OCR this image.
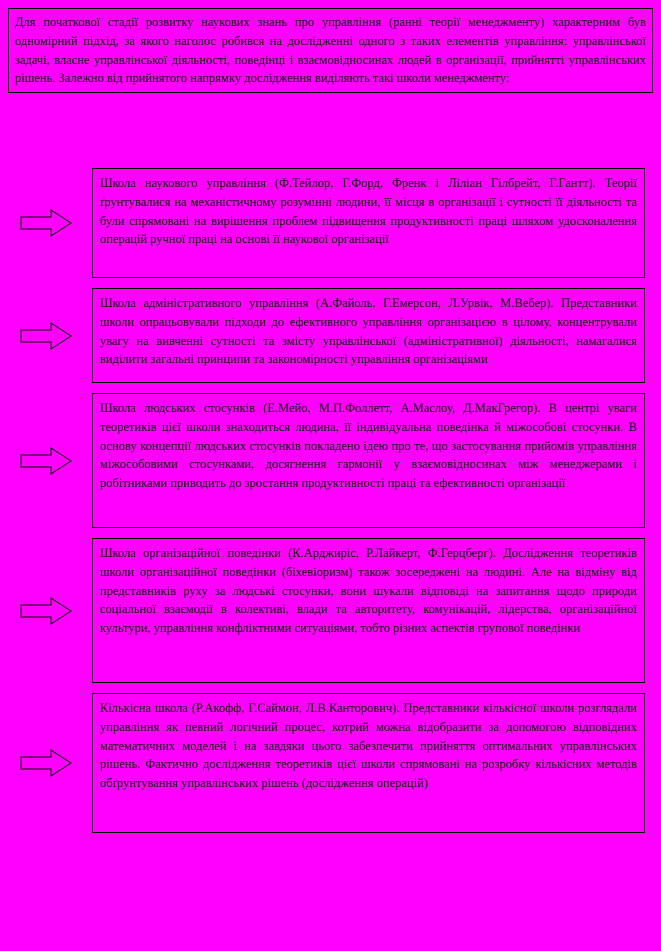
Для початкової стадії розвитку наукових знань про управління (ранні теорії менеджменту) характерним був одномірний підхід, за якого наголос робився на дослідженні одного з таких елементів управління: управлінської задачі, власне управлінської діяльності, поведінці і взаємовідносинах людей в організації, прийнятті управлінських рішень. Залежно від прийнятого напрямку дослідження виділяють такі школи менеджменту:

Школа наукового управління (Ф.Тейлор, Г.Форд, Френк і Ліліан Гілбрейт, Г.Гантт). Теорії ґрунтувалися на механістичному розумінні людини, її місця в організації і сутності її діяльності та були спрямовані на вирішення проблем підвищення продуктивності праці шляхом удосконалення операцій ручної праці на основі її наукової організації

Школа адміністративного управління (А.Файоль, Г.Емерсон, Л.Урвік, М.Вебер). Представники школи опрацьовували підходи до ефективного управління організацією в цілому, концентрували увагу на вивченні сутності та змісту управлінської (адміністративної) діяльності, намагалися виділити загальні принципи та закономірності управління організаціями

Школа людських стосунків (Е.Мейо, М.П.Фоллетт, А.Маслоу, Д.МакГрегор). В центрі уваги теоретиків цієї школи знаходиться людина, її індивідуальна поведінка й міжособові стосунки. В основу концепції людських стосунків покладено ідею про те, що застосування прийомів управління міжособовими стосунками, досягнення гармонії у взаємовідносинах між менеджерами і робітниками приводить до зростання продуктивності праці та ефективності організації

Школа організаційної поведінки (К.Арджиріс, Р.Лайкерт, Ф.Герцберг). Дослідження теоретиків школи організаційної поведінки (біхевіоризм) також зосереджені на людині. Але на відміну від представників руху за людські стосунки, вони шукали відповіді на запитання щодо природи соціальної взаємодії в колективі, влади та авторитету, комунікацій, лідерства, організаційної культури, управління конфліктними ситуаціями, тобто різних аспектів групової поведінки

Кількісна школа (Р.Акофф, Г.Саймон, Л.В.Канторович). Представники кількісної школи розглядали управління як певний логічний процес, котрий можна відобразити за допомогою відповідних математичних моделей і на завдяки цього забезпечити прийняття оптимальних управлінських рішень. Фактично дослідження теоретиків цієї школи спрямовані на розробку кількісних методів обґрунтування управлінських рішень (дослідження операцій)
